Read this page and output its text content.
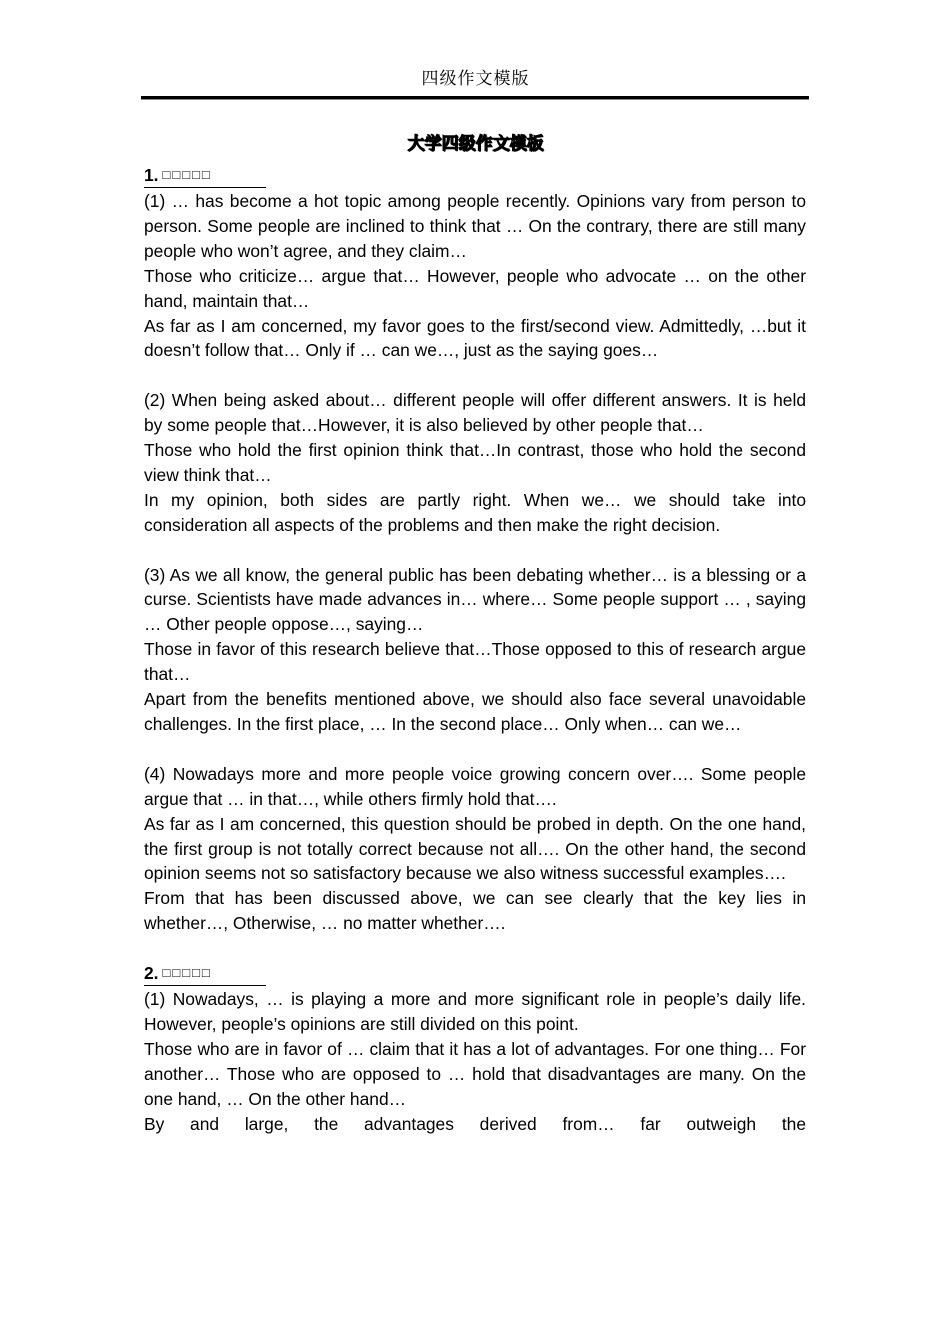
四级作文模版
大学四级作文模板
1. □□□□□

(1) … has become a hot topic among people recently. Opinions vary from person to person. Some people are inclined to think that … On the contrary, there are still many people who won’t agree, and they claim…

Those who criticize… argue that… However, people who advocate … on the other hand, maintain that…

As far as I am concerned, my favor goes to the first/second view. Admittedly, …but it doesn’t follow that… Only if … can we…, just as the saying goes…

(2) When being asked about… different people will offer different answers. It is held by some people that…However, it is also believed by other people that…

Those who hold the first opinion think that…In contrast, those who hold the second view think that…

In my opinion, both sides are partly right. When we… we should take into consideration all aspects of the problems and then make the right decision.

(3) As we all know, the general public has been debating whether… is a blessing or a curse. Scientists have made advances in… where… Some people support … , saying … Other people oppose…, saying…

Those in favor of this research believe that…Those opposed to this of research argue that…

Apart from the benefits mentioned above, we should also face several unavoidable challenges. In the first place, … In the second place… Only when… can we…

(4) Nowadays more and more people voice growing concern over…. Some people argue that … in that…, while others firmly hold that….

As far as I am concerned, this question should be probed in depth. On the one hand, the first group is not totally correct because not all…. On the other hand, the second opinion seems not so satisfactory because we also witness successful examples….

From that has been discussed above, we can see clearly that the key lies in whether…, Otherwise, … no matter whether….

2. □□□□□

(1) Nowadays, … is playing a more and more significant role in people’s daily life. However, people’s opinions are still divided on this point.

Those who are in favor of … claim that it has a lot of advantages. For one thing… For another… Those who are opposed to … hold that disadvantages are many. On the one hand, … On the other hand…

By and large, the advantages derived from… far outweigh the
